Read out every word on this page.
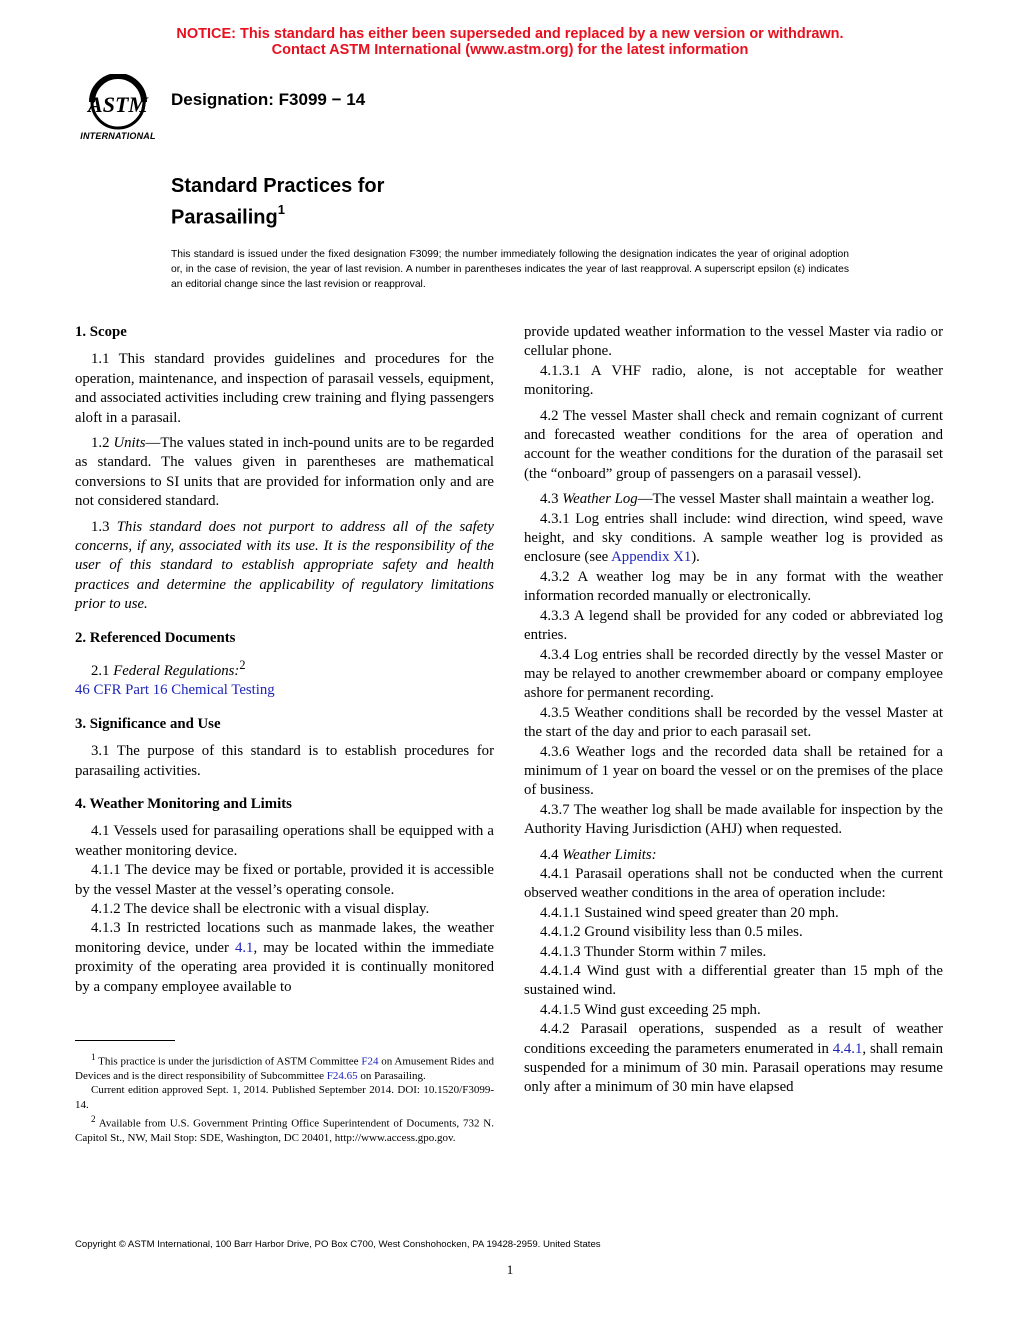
NOTICE: This standard has either been superseded and replaced by a new version or withdrawn.
Contact ASTM International (www.astm.org) for the latest information
ASTM
INTERNATIONAL
Designation: F3099 − 14
Standard Practices for
Parasailing$^1$
This standard is issued under the fixed designation F3099; the number immediately following the designation indicates the year of original adoption or, in the case of revision, the year of last revision. A number in parentheses indicates the year of last reapproval. A superscript epsilon (ε) indicates an editorial change since the last revision or reapproval.
1. Scope

1.1 This standard provides guidelines and procedures for the operation, maintenance, and inspection of parasail vessels, equipment, and associated activities including crew training and flying passengers aloft in a parasail.

1.2 Units—The values stated in inch-pound units are to be regarded as standard. The values given in parentheses are mathematical conversions to SI units that are provided for information only and are not considered standard.

1.3 This standard does not purport to address all of the safety concerns, if any, associated with its use. It is the responsibility of the user of this standard to establish appropriate safety and health practices and determine the applicability of regulatory limitations prior to use.

2. Referenced Documents

2.1 Federal Regulations:$^2$

46 CFR Part 16 Chemical Testing

3. Significance and Use

3.1 The purpose of this standard is to establish procedures for parasailing activities.

4. Weather Monitoring and Limits

4.1 Vessels used for parasailing operations shall be equipped with a weather monitoring device.

4.1.1 The device may be fixed or portable, provided it is accessible by the vessel Master at the vessel’s operating console.

4.1.2 The device shall be electronic with a visual display.

4.1.3 In restricted locations such as manmade lakes, the weather monitoring device, under 4.1, may be located within the immediate proximity of the operating area provided it is continually monitored by a company employee available to

provide updated weather information to the vessel Master via radio or cellular phone.

4.1.3.1 A VHF radio, alone, is not acceptable for weather monitoring.

4.2 The vessel Master shall check and remain cognizant of current and forecasted weather conditions for the area of operation and account for the weather conditions for the duration of the parasail set (the “onboard” group of passengers on a parasail vessel).

4.3 Weather Log—The vessel Master shall maintain a weather log.

4.3.1 Log entries shall include: wind direction, wind speed, wave height, and sky conditions. A sample weather log is provided as enclosure (see Appendix X1).

4.3.2 A weather log may be in any format with the weather information recorded manually or electronically.

4.3.3 A legend shall be provided for any coded or abbreviated log entries.

4.3.4 Log entries shall be recorded directly by the vessel Master or may be relayed to another crewmember aboard or company employee ashore for permanent recording.

4.3.5 Weather conditions shall be recorded by the vessel Master at the start of the day and prior to each parasail set.

4.3.6 Weather logs and the recorded data shall be retained for a minimum of 1 year on board the vessel or on the premises of the place of business.

4.3.7 The weather log shall be made available for inspection by the Authority Having Jurisdiction (AHJ) when requested.

4.4 Weather Limits:

4.4.1 Parasail operations shall not be conducted when the current observed weather conditions in the area of operation include:

4.4.1.1 Sustained wind speed greater than 20 mph.

4.4.1.2 Ground visibility less than 0.5 miles.

4.4.1.3 Thunder Storm within 7 miles.

4.4.1.4 Wind gust with a differential greater than 15 mph of the sustained wind.

4.4.1.5 Wind gust exceeding 25 mph.

4.4.2 Parasail operations, suspended as a result of weather conditions exceeding the parameters enumerated in 4.4.1, shall remain suspended for a minimum of 30 min. Parasail operations may resume only after a minimum of 30 min have elapsed

$^1$ This practice is under the jurisdiction of ASTM Committee F24 on Amusement Rides and Devices and is the direct responsibility of Subcommittee F24.65 on Parasailing.

Current edition approved Sept. 1, 2014. Published September 2014. DOI: 10.1520/F3099-14.

$^2$ Available from U.S. Government Printing Office Superintendent of Documents, 732 N. Capitol St., NW, Mail Stop: SDE, Washington, DC 20401, http://www.access.gpo.gov.

Copyright © ASTM International, 100 Barr Harbor Drive, PO Box C700, West Conshohocken, PA 19428-2959. United States
1
